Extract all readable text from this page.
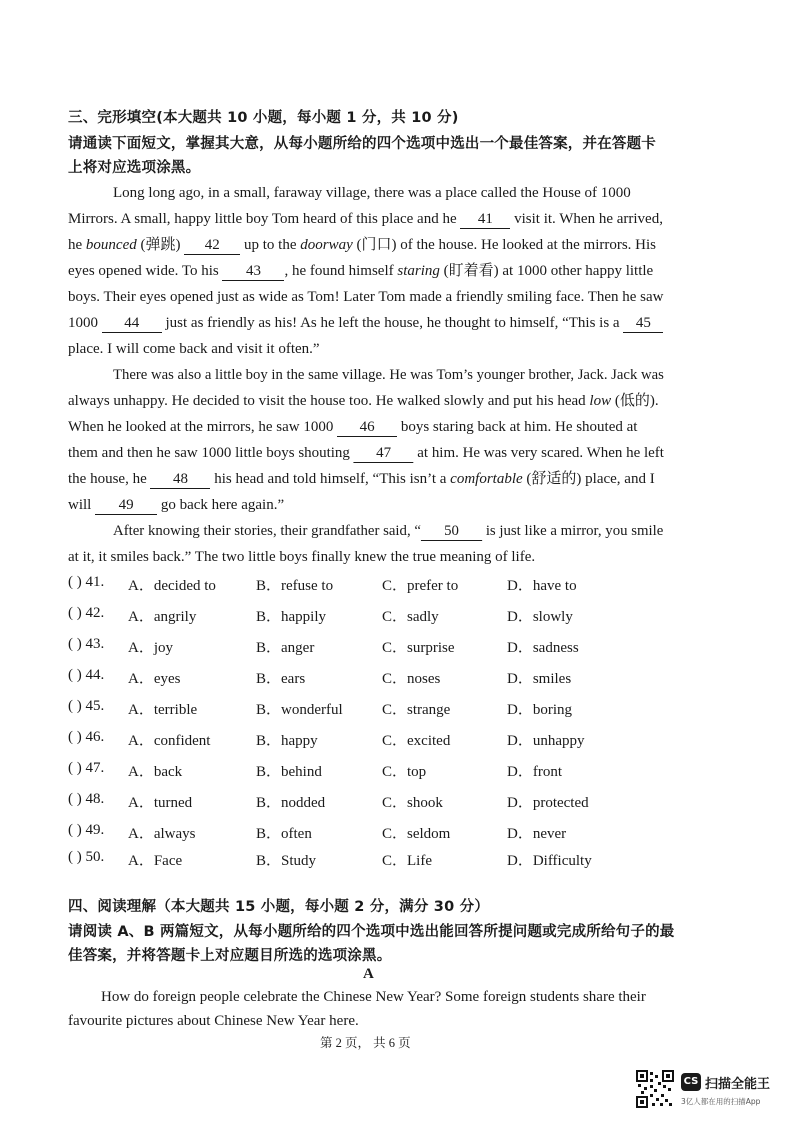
三、完形填空(本大题共 10 小题，每小题 1 分，共 10 分)
请通读下面短文，掌握其大意，从每小题所给的四个选项中选出一个最佳答案，并在答题卡
上将对应选项涂黑。
Long long ago, in a small, faraway village, there was a place called the House of 1000
Mirrors. A small, happy little boy Tom heard of this place and he 41 visit it. When he arrived,
he bounced (弹跳) 42 up to the doorway (门口) of the house. He looked at the mirrors. His
eyes opened wide. To his 43 , he found himself staring (盯着看) at 1000 other happy little
boys. Their eyes opened just as wide as Tom! Later Tom made a friendly smiling face. Then he saw
1000 44 just as friendly as his! As he left the house, he thought to himself, “This is a 45
place. I will come back and visit it often.”
There was also a little boy in the same village. He was Tom’s younger brother, Jack. Jack was
always unhappy. He decided to visit the house too. He walked slowly and put his head low (低的).
When he looked at the mirrors, he saw 1000 46 boys staring back at him. He shouted at
them and then he saw 1000 little boys shouting 47 at him. He was very scared. When he left
the house, he 48 his head and told himself, “This isn’t a comfortable (舒适的) place, and I
will 49 go back here again.”
After knowing their stories, their grandfather said, “ 50 is just like a mirror, you smile
at it, it smiles back.” The two little boys finally knew the true meaning of life.
( ) 41. A．decided to	B．refuse to	C．prefer to	D．have to
( ) 42. A．angrily	B．happily	C．sadly	D．slowly
( ) 43. A．joy	B．anger	C．surprise	D．sadness
( ) 44. A．eyes	B．ears	C．noses	D．smiles
( ) 45. A．terrible	B．wonderful	C．strange	D．boring
( ) 46. A．confident	B．happy	C．excited	D．unhappy
( ) 47. A．back	B．behind	C．top	D．front
( ) 48. A．turned	B．nodded	C．shook	D．protected
( ) 49. A．always	B．often	C．seldom	D．never
( ) 50. A．Face	B．Study	C．Life	D．Difficulty
四、阅读理解（本大题共 15 小题，每小题 2 分，满分 30 分）
请阅读 A、B 两篇短文，从每小题所给的四个选项中选出能回答所提问题或完成所给句子的最
佳答案，并将答题卡上对应题目所选的选项涂黑。
A
How do foreign people celebrate the Chinese New Year? Some foreign students share their
favourite pictures about Chinese New Year here.
第 2 页， 共 6 页
CS 扫描全能王
3亿人都在用的扫描App
